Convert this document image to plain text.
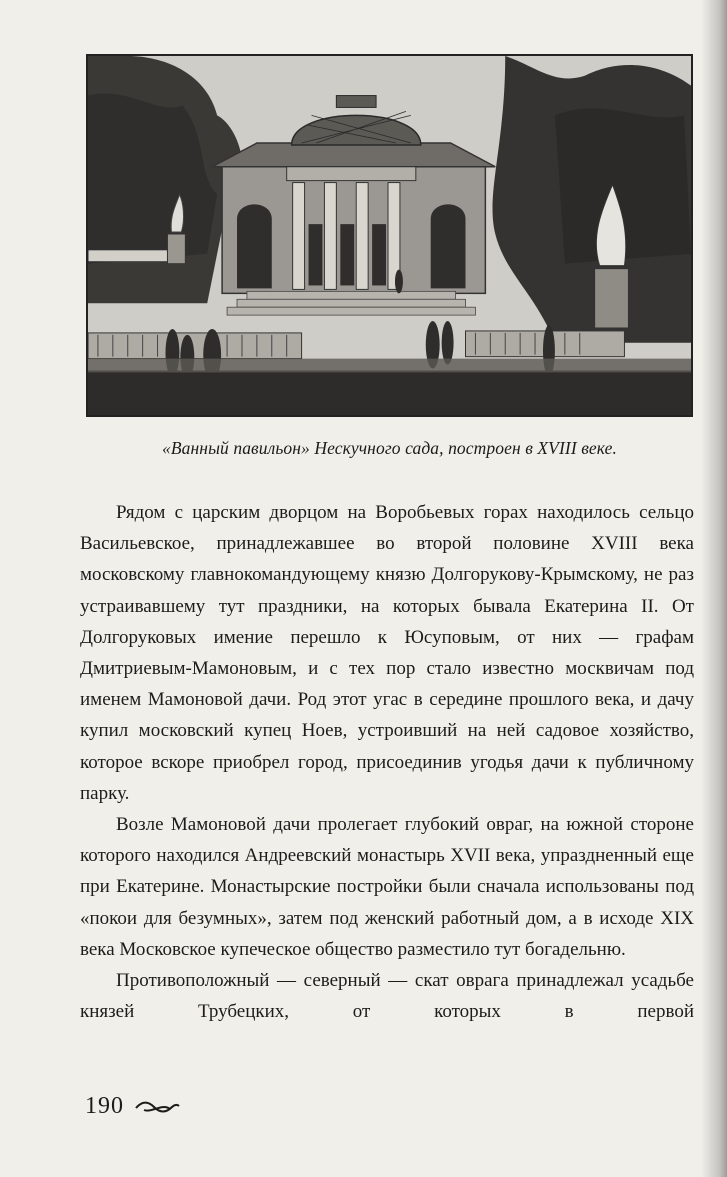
«Ванный павильон» Нескучного сада, построен в XVIII веке.

Рядом с царским дворцом на Воробьевых горах находилось сельцо Васильевское, принадлежавшее во второй половине XVIII века московскому главнокомандующему князю Долгорукову-Крымскому, не раз устраивавшему тут праздники, на которых бывала Екатерина II. От Долгоруковых имение перешло к Юсуповым, от них — графам Дмитриевым-Мамоновым, и с тех пор стало известно москвичам под именем Мамоновой дачи. Род этот угас в середине прошлого века, и дачу купил московский купец Ноев, устроивший на ней садовое хозяйство, которое вскоре приобрел город, присоединив угодья дачи к публичному парку.

Возле Мамоновой дачи пролегает глубокий овраг, на южной стороне которого находился Андреевский монастырь XVII века, упраздненный еще при Екатерине. Монастырские постройки были сначала использованы под «покои для безумных», затем под женский работный дом, а в исходе XIX века Московское купеческое общество разместило тут богадельню.

Противоположный — северный — скат оврага принадлежал усадьбе князей Трубецких, от которых в первой

190
